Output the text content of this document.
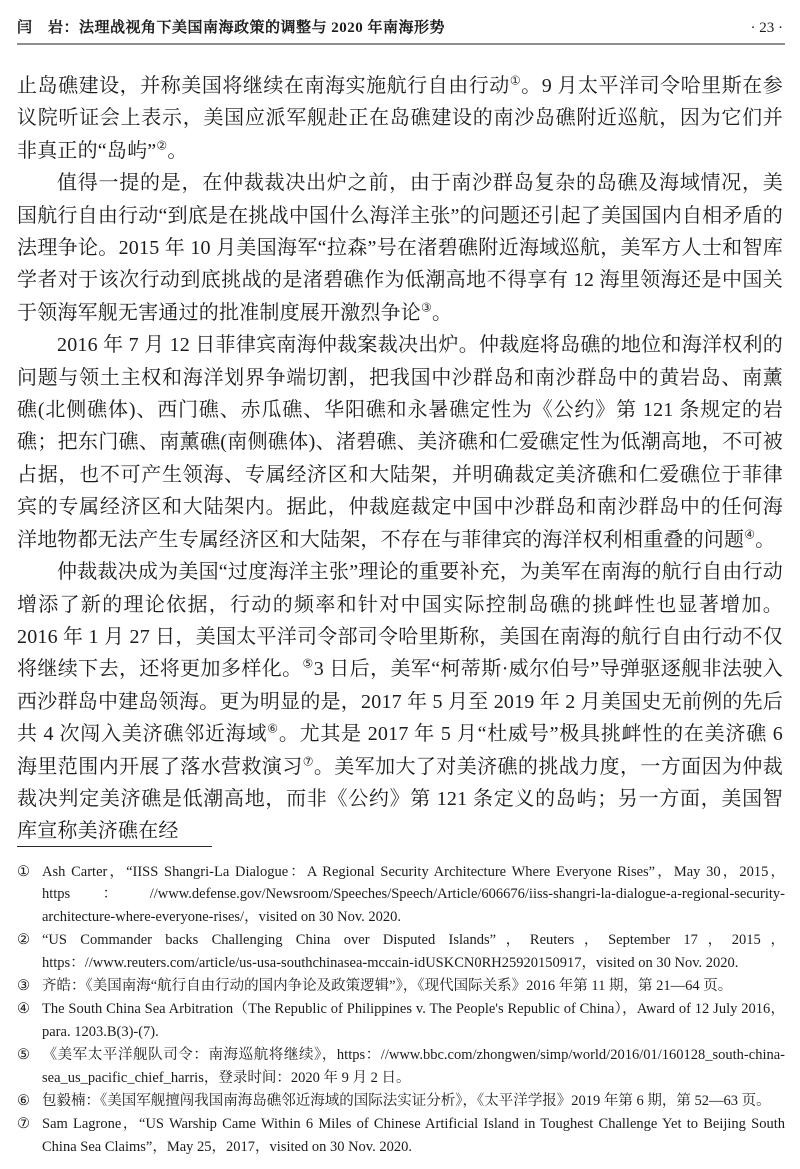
闫　岩：法理战视角下美国南海政策的调整与 2020 年南海形势	· 23 ·

止岛礁建设，并称美国将继续在南海实施航行自由行动①。9 月太平洋司令哈里斯在参议院听证会上表示，美国应派军舰赴正在岛礁建设的南沙岛礁附近巡航，因为它们并非真正的“岛屿”②。

值得一提的是，在仲裁裁决出炉之前，由于南沙群岛复杂的岛礁及海域情况，美国航行自由行动“到底是在挑战中国什么海洋主张”的问题还引起了美国国内自相矛盾的法理争论。2015 年 10 月美国海军“拉森”号在渚碧礁附近海域巡航，美军方人士和智库学者对于该次行动到底挑战的是渚碧礁作为低潮高地不得享有 12 海里领海还是中国关于领海军舰无害通过的批准制度展开激烈争论③。

2016 年 7 月 12 日菲律宾南海仲裁案裁决出炉。仲裁庭将岛礁的地位和海洋权利的问题与领土主权和海洋划界争端切割，把我国中沙群岛和南沙群岛中的黄岩岛、南薰礁(北侧礁体)、西门礁、赤瓜礁、华阳礁和永暑礁定性为《公约》第 121 条规定的岩礁；把东门礁、南薰礁(南侧礁体)、渚碧礁、美济礁和仁爱礁定性为低潮高地，不可被占据，也不可产生领海、专属经济区和大陆架，并明确裁定美济礁和仁爱礁位于菲律宾的专属经济区和大陆架内。据此，仲裁庭裁定中国中沙群岛和南沙群岛中的任何海洋地物都无法产生专属经济区和大陆架，不存在与菲律宾的海洋权利相重叠的问题④。

仲裁裁决成为美国“过度海洋主张”理论的重要补充，为美军在南海的航行自由行动增添了新的理论依据，行动的频率和针对中国实际控制岛礁的挑衅性也显著增加。2016 年 1 月 27 日，美国太平洋司令部司令哈里斯称，美国在南海的航行自由行动不仅将继续下去，还将更加多样化。⑤3 日后，美军“柯蒂斯·威尔伯号”导弹驱逐舰非法驶入西沙群岛中建岛领海。更为明显的是，2017 年 5 月至 2019 年 2 月美国史无前例的先后共 4 次闯入美济礁邻近海域⑥。尤其是 2017 年 5 月“杜威号”极具挑衅性的在美济礁 6 海里范围内开展了落水营救演习⑦。美军加大了对美济礁的挑战力度，一方面因为仲裁裁决判定美济礁是低潮高地，而非《公约》第 121 条定义的岛屿；另一方面，美国智库宣称美济礁在经

① Ash Carter，“IISS Shangri-La Dialogue：A Regional Security Architecture Where Everyone Rises”，May 30，2015，https：//www.defense.gov/Newsroom/Speeches/Speech/Article/606676/iiss-shangri-la-dialogue-a-regional-security-architecture-where-everyone-rises/，visited on 30 Nov. 2020.
② “US Commander backs Challenging China over Disputed Islands”，Reuters，September 17，2015，https：//www.reuters.com/article/us-usa-southchinasea-mccain-idUSKCN0RH25920150917，visited on 30 Nov. 2020.
③ 齐皓：《美国南海“航行自由行动的国内争论及政策逻辑”》，《现代国际关系》2016 年第 11 期，第 21—64 页。
④ The South China Sea Arbitration（The Republic of Philippines v. The People's Republic of China），Award of 12 July 2016，para. 1203.B(3)-(7).
⑤ 《美军太平洋舰队司令：南海巡航将继续》，https：//www.bbc.com/zhongwen/simp/world/2016/01/160128_south-china-sea_us_pacific_chief_harris，登录时间：2020 年 9 月 2 日。
⑥ 包毅楠：《美国军舰擅闯我国南海岛礁邻近海域的国际法实证分析》，《太平洋学报》2019 年第 6 期，第 52—63 页。
⑦ Sam Lagrone，“US Warship Came Within 6 Miles of Chinese Artificial Island in Toughest Challenge Yet to Beijing South China Sea Claims”，May 25，2017，visited on 30 Nov. 2020.
